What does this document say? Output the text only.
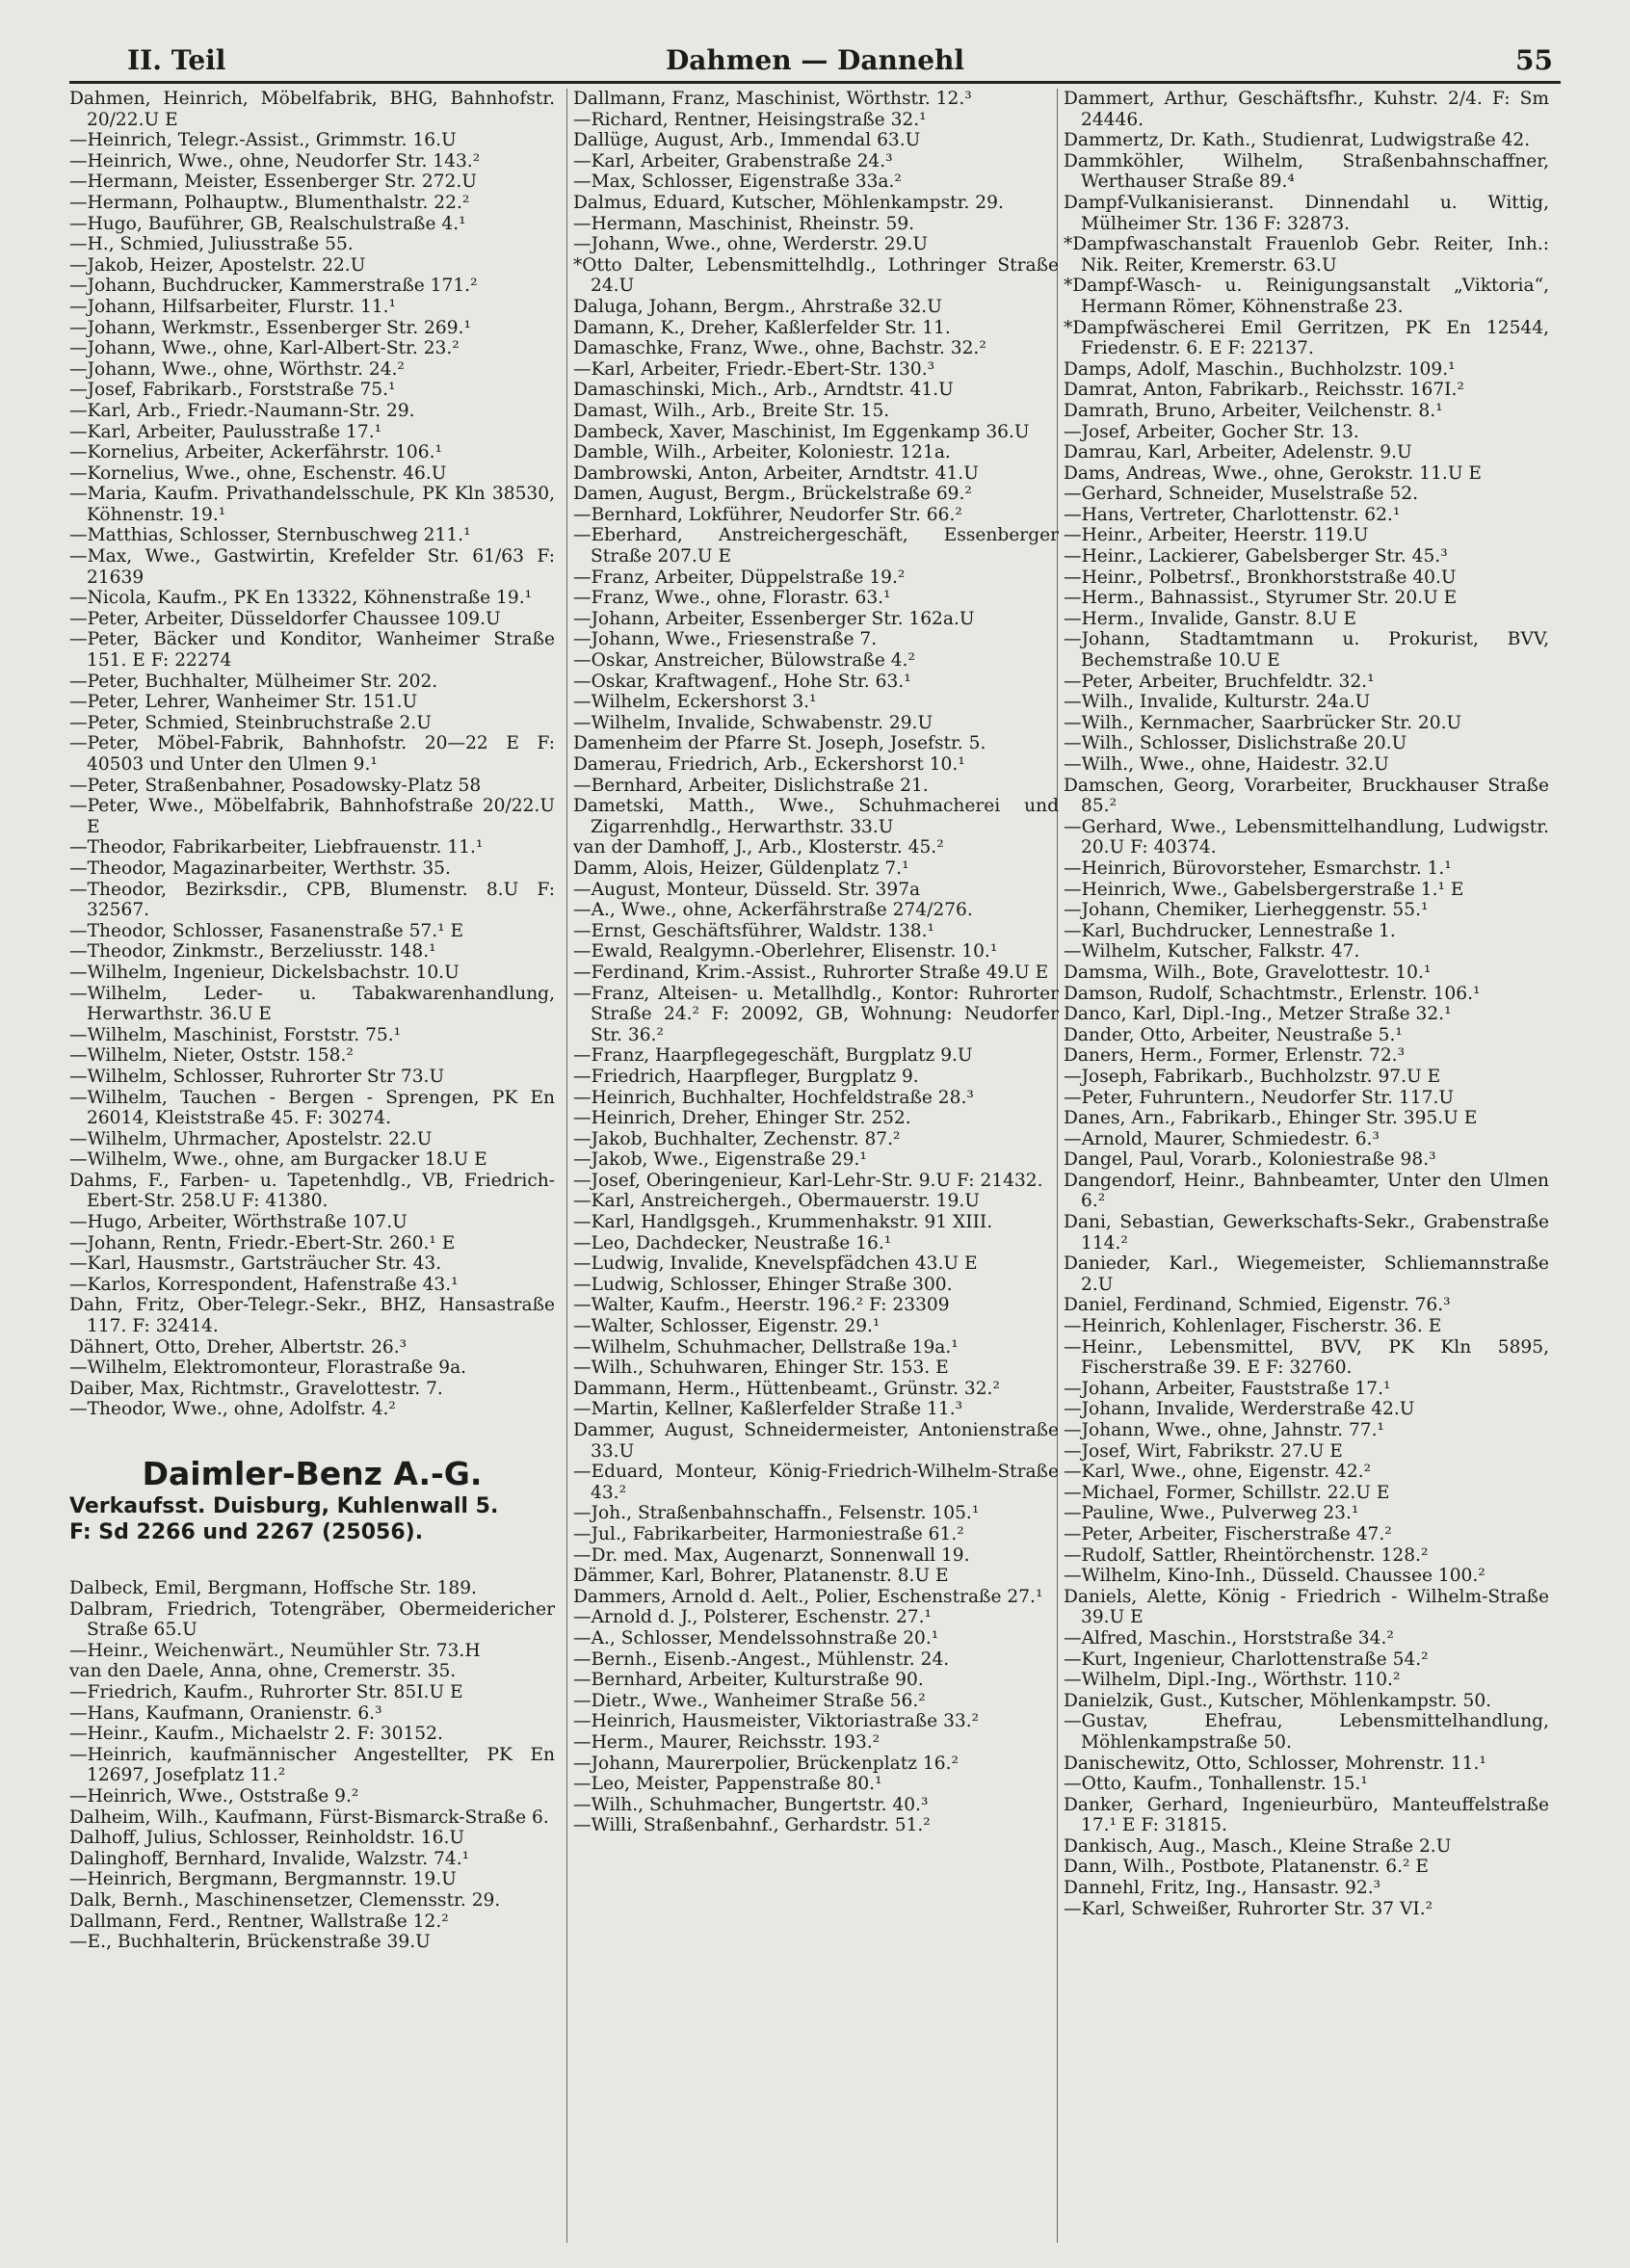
II. Teil	Dahmen — Dannehl	55
Dahmen, Heinrich, Möbelfabrik, BHG, Bahnhofstr. 20/22.U E
—Heinrich, Telegr.-Assist., Grimmstr. 16.U
—Heinrich, Wwe., ohne, Neudorfer Str. 143.²
—Hermann, Meister, Essenberger Str. 272.U
—Hermann, Polhauptw., Blumenthalstr. 22.²
—Hugo, Bauführer, GB, Realschulstraße 4.¹
—H., Schmied, Juliusstraße 55.
—Jakob, Heizer, Apostelstr. 22.U
—Johann, Buchdrucker, Kammerstraße 171.²
—Johann, Hilfsarbeiter, Flurstr. 11.¹
—Johann, Werkmstr., Essenberger Str. 269.¹
—Johann, Wwe., ohne, Karl-Albert-Str. 23.²
—Johann, Wwe., ohne, Wörthstr. 24.²
—Josef, Fabrikarb., Forststraße 75.¹
—Karl, Arb., Friedr.-Naumann-Str. 29.
—Karl, Arbeiter, Paulusstraße 17.¹
—Kornelius, Arbeiter, Ackerfährstr. 106.¹
—Kornelius, Wwe., ohne, Eschenstr. 46.U
—Maria, Kaufm. Privathandelsschule, PK Kln 38530, Köhnenstr. 19.¹
—Matthias, Schlosser, Sternbuschweg 211.¹
—Max, Wwe., Gastwirtin, Krefelder Str. 61/63 F: 21639
—Nicola, Kaufm., PK En 13322, Köhnenstraße 19.¹
—Peter, Arbeiter, Düsseldorfer Chaussee 109.U
—Peter, Bäcker und Konditor, Wanheimer Straße 151. E F: 22274
—Peter, Buchhalter, Mülheimer Str. 202.
—Peter, Lehrer, Wanheimer Str. 151.U
—Peter, Schmied, Steinbruchstraße 2.U
—Peter, Möbel-Fabrik, Bahnhofstr. 20—22 E F: 40503 und Unter den Ulmen 9.¹
—Peter, Straßenbahner, Posadowsky-Platz 58
—Peter, Wwe., Möbelfabrik, Bahnhofstraße 20/22.U E
—Theodor, Fabrikarbeiter, Liebfrauenstr. 11.¹
—Theodor, Magazinarbeiter, Werthstr. 35.
—Theodor, Bezirksdir., CPB, Blumenstr. 8.U F: 32567.
—Theodor, Schlosser, Fasanenstraße 57.¹ E
—Theodor, Zinkmstr., Berzeliusstr. 148.¹
—Wilhelm, Ingenieur, Dickelsbachstr. 10.U
—Wilhelm, Leder- u. Tabakwarenhandlung, Herwarthstr. 36.U E
—Wilhelm, Maschinist, Forststr. 75.¹
—Wilhelm, Nieter, Oststr. 158.²
—Wilhelm, Schlosser, Ruhrorter Str 73.U
—Wilhelm, Tauchen - Bergen - Sprengen, PK En 26014, Kleiststraße 45. F: 30274.
—Wilhelm, Uhrmacher, Apostelstr. 22.U
—Wilhelm, Wwe., ohne, am Burgacker 18.U E
Dahms, F., Farben- u. Tapetenhdlg., VB, Friedrich-Ebert-Str. 258.U F: 41380.
—Hugo, Arbeiter, Wörthstraße 107.U
—Johann, Rentn, Friedr.-Ebert-Str. 260.¹ E
—Karl, Hausmstr., Gartsträucher Str. 43.
—Karlos, Korrespondent, Hafenstraße 43.¹
Dahn, Fritz, Ober-Telegr.-Sekr., BHZ, Hansastraße 117. F: 32414.
Dähnert, Otto, Dreher, Albertstr. 26.³
—Wilhelm, Elektromonteur, Florastraße 9a.
Daiber, Max, Richtmstr., Gravelottestr. 7.
—Theodor, Wwe., ohne, Adolfstr. 4.²
Daimler-Benz A.-G.
Verkaufsst. Duisburg, Kuhlenwall 5.
F: Sd 2266 und 2267 (25056).
Dalbeck, Emil, Bergmann, Hoffsche Str. 189.
Dalbram, Friedrich, Totengräber, Obermeidericher Straße 65.U
—Heinr., Weichenwärt., Neumühler Str. 73.H
van den Daele, Anna, ohne, Cremerstr. 35.
—Friedrich, Kaufm., Ruhrorter Str. 85I.U E
—Hans, Kaufmann, Oranienstr. 6.³
—Heinr., Kaufm., Michaelstr 2. F: 30152.
—Heinrich, kaufmännischer Angestellter, PK En 12697, Josefplatz 11.²
—Heinrich, Wwe., Oststraße 9.²
Dalheim, Wilh., Kaufmann, Fürst-Bismarck-Straße 6.
Dalhoff, Julius, Schlosser, Reinholdstr. 16.U
Dalinghoff, Bernhard, Invalide, Walzstr. 74.¹
—Heinrich, Bergmann, Bergmannstr. 19.U
Dalk, Bernh., Maschinensetzer, Clemensstr. 29.
Dallmann, Ferd., Rentner, Wallstraße 12.²
—E., Buchhalterin, Brückenstraße 39.U
Dallmann, Franz, Maschinist, Wörthstr. 12.³
—Richard, Rentner, Heisingstraße 32.¹
Dallüge, August, Arb., Immendal 63.U
—Karl, Arbeiter, Grabenstraße 24.³
—Max, Schlosser, Eigenstraße 33a.²
Dalmus, Eduard, Kutscher, Möhlenkampstr. 29.
—Hermann, Maschinist, Rheinstr. 59.
—Johann, Wwe., ohne, Werderstr. 29.U
*Otto Dalter, Lebensmittelhdlg., Lothringer Straße 24.U
Daluga, Johann, Bergm., Ahrstraße 32.U
Damann, K., Dreher, Kaßlerfelder Str. 11.
Damaschke, Franz, Wwe., ohne, Bachstr. 32.²
—Karl, Arbeiter, Friedr.-Ebert-Str. 130.³
Damaschinski, Mich., Arb., Arndtstr. 41.U
Damast, Wilh., Arb., Breite Str. 15.
Dambeck, Xaver, Maschinist, Im Eggenkamp 36.U
Damble, Wilh., Arbeiter, Koloniestr. 121a.
Dambrowski, Anton, Arbeiter, Arndtstr. 41.U
Damen, August, Bergm., Brückelstraße 69.²
—Bernhard, Lokführer, Neudorfer Str. 66.²
—Eberhard, Anstreichergeschäft, Essenberger Straße 207.U E
—Franz, Arbeiter, Düppelstraße 19.²
—Franz, Wwe., ohne, Florastr. 63.¹
—Johann, Arbeiter, Essenberger Str. 162a.U
—Johann, Wwe., Friesenstraße 7.
—Oskar, Anstreicher, Bülowstraße 4.²
—Oskar, Kraftwagenf., Hohe Str. 63.¹
—Wilhelm, Eckershorst 3.¹
—Wilhelm, Invalide, Schwabenstr. 29.U
Damenheim der Pfarre St. Joseph, Josefstr. 5.
Damerau, Friedrich, Arb., Eckershorst 10.¹
—Bernhard, Arbeiter, Dislichstraße 21.
Dametski, Matth., Wwe., Schuhmacherei und Zigarrenhdlg., Herwarthstr. 33.U
van der Damhoff, J., Arb., Klosterstr. 45.²
Damm, Alois, Heizer, Güldenplatz 7.¹
—August, Monteur, Düsseld. Str. 397a
—A., Wwe., ohne, Ackerfährstraße 274/276.
—Ernst, Geschäftsführer, Waldstr. 138.¹
—Ewald, Realgymn.-Oberlehrer, Elisenstr. 10.¹
—Ferdinand, Krim.-Assist., Ruhrorter Straße 49.U E
—Franz, Alteisen- u. Metallhdlg., Kontor: Ruhrorter Straße 24.² F: 20092, GB, Wohnung: Neudorfer Str. 36.²
—Franz, Haarpflegegeschäft, Burgplatz 9.U
—Friedrich, Haarpfleger, Burgplatz 9.
—Heinrich, Buchhalter, Hochfeldstraße 28.³
—Heinrich, Dreher, Ehinger Str. 252.
—Jakob, Buchhalter, Zechenstr. 87.²
—Jakob, Wwe., Eigenstraße 29.¹
—Josef, Oberingenieur, Karl-Lehr-Str. 9.U F: 21432.
—Karl, Anstreichergeh., Obermauerstr. 19.U
—Karl, Handlgsgeh., Krummenhakstr. 91 XIII.
—Leo, Dachdecker, Neustraße 16.¹
—Ludwig, Invalide, Knevelspfädchen 43.U E
—Ludwig, Schlosser, Ehinger Straße 300.
—Walter, Kaufm., Heerstr. 196.² F: 23309
—Walter, Schlosser, Eigenstr. 29.¹
—Wilhelm, Schuhmacher, Dellstraße 19a.¹
—Wilh., Schuhwaren, Ehinger Str. 153. E
Dammann, Herm., Hüttenbeamt., Grünstr. 32.²
—Martin, Kellner, Kaßlerfelder Straße 11.³
Dammer, August, Schneidermeister, Antonienstraße 33.U
—Eduard, Monteur, König-Friedrich-Wilhelm-Straße 43.²
—Joh., Straßenbahnschaffn., Felsenstr. 105.¹
—Jul., Fabrikarbeiter, Harmoniestraße 61.²
—Dr. med. Max, Augenarzt, Sonnenwall 19.
Dämmer, Karl, Bohrer, Platanenstr. 8.U E
Dammers, Arnold d. Aelt., Polier, Eschenstraße 27.¹
—Arnold d. J., Polsterer, Eschenstr. 27.¹
—A., Schlosser, Mendelssohnstraße 20.¹
—Bernh., Eisenb.-Angest., Mühlenstr. 24.
—Bernhard, Arbeiter, Kulturstraße 90.
—Dietr., Wwe., Wanheimer Straße 56.²
—Heinrich, Hausmeister, Viktoriastraße 33.²
—Herm., Maurer, Reichsstr. 193.²
—Johann, Maurerpolier, Brückenplatz 16.²
—Leo, Meister, Pappenstraße 80.¹
—Wilh., Schuhmacher, Bungertstr. 40.³
—Willi, Straßenbahnf., Gerhardstr. 51.²
Dammert, Arthur, Geschäftsfhr., Kuhstr. 2/4. F: Sm 24446.
Dammertz, Dr. Kath., Studienrat, Ludwigstraße 42.
Dammköhler, Wilhelm, Straßenbahnschaffner, Werthauser Straße 89.⁴
Dampf-Vulkanisieranst. Dinnendahl u. Wittig, Mülheimer Str. 136 F: 32873.
*Dampfwaschanstalt Frauenlob Gebr. Reiter, Inh.: Nik. Reiter, Kremerstr. 63.U
*Dampf-Wasch- u. Reinigungsanstalt „Viktoria“, Hermann Römer, Köhnenstraße 23.
*Dampfwäscherei Emil Gerritzen, PK En 12544, Friedenstr. 6. E F: 22137.
Damps, Adolf, Maschin., Buchholzstr. 109.¹
Damrat, Anton, Fabrikarb., Reichsstr. 167I.²
Damrath, Bruno, Arbeiter, Veilchenstr. 8.¹
—Josef, Arbeiter, Gocher Str. 13.
Damrau, Karl, Arbeiter, Adelenstr. 9.U
Dams, Andreas, Wwe., ohne, Gerokstr. 11.U E
—Gerhard, Schneider, Muselstraße 52.
—Hans, Vertreter, Charlottenstr. 62.¹
—Heinr., Arbeiter, Heerstr. 119.U
—Heinr., Lackierer, Gabelsberger Str. 45.³
—Heinr., Polbetrsf., Bronkhorststraße 40.U
—Herm., Bahnassist., Styrumer Str. 20.U E
—Herm., Invalide, Ganstr. 8.U E
—Johann, Stadtamtmann u. Prokurist, BVV, Bechemstraße 10.U E
—Peter, Arbeiter, Bruchfeldtr. 32.¹
—Wilh., Invalide, Kulturstr. 24a.U
—Wilh., Kernmacher, Saarbrücker Str. 20.U
—Wilh., Schlosser, Dislichstraße 20.U
—Wilh., Wwe., ohne, Haidestr. 32.U
Damschen, Georg, Vorarbeiter, Bruckhauser Straße 85.²
—Gerhard, Wwe., Lebensmittelhandlung, Ludwigstr. 20.U F: 40374.
—Heinrich, Bürovorsteher, Esmarchstr. 1.¹
—Heinrich, Wwe., Gabelsbergerstraße 1.¹ E
—Johann, Chemiker, Lierheggenstr. 55.¹
—Karl, Buchdrucker, Lennestraße 1.
—Wilhelm, Kutscher, Falkstr. 47.
Damsma, Wilh., Bote, Gravelottestr. 10.¹
Damson, Rudolf, Schachtmstr., Erlenstr. 106.¹
Danco, Karl, Dipl.-Ing., Metzer Straße 32.¹
Dander, Otto, Arbeiter, Neustraße 5.¹
Daners, Herm., Former, Erlenstr. 72.³
—Joseph, Fabrikarb., Buchholzstr. 97.U E
—Peter, Fuhruntern., Neudorfer Str. 117.U
Danes, Arn., Fabrikarb., Ehinger Str. 395.U E
—Arnold, Maurer, Schmiedestr. 6.³
Dangel, Paul, Vorarb., Koloniestraße 98.³
Dangendorf, Heinr., Bahnbeamter, Unter den Ulmen 6.²
Dani, Sebastian, Gewerkschafts-Sekr., Grabenstraße 114.²
Danieder, Karl., Wiegemeister, Schliemannstraße 2.U
Daniel, Ferdinand, Schmied, Eigenstr. 76.³
—Heinrich, Kohlenlager, Fischerstr. 36. E
—Heinr., Lebensmittel, BVV, PK Kln 5895, Fischerstraße 39. E F: 32760.
—Johann, Arbeiter, Fauststraße 17.¹
—Johann, Invalide, Werderstraße 42.U
—Johann, Wwe., ohne, Jahnstr. 77.¹
—Josef, Wirt, Fabrikstr. 27.U E
—Karl, Wwe., ohne, Eigenstr. 42.²
—Michael, Former, Schillstr. 22.U E
—Pauline, Wwe., Pulverweg 23.¹
—Peter, Arbeiter, Fischerstraße 47.²
—Rudolf, Sattler, Rheintörchenstr. 128.²
—Wilhelm, Kino-Inh., Düsseld. Chaussee 100.²
Daniels, Alette, König - Friedrich - Wilhelm-Straße 39.U E
—Alfred, Maschin., Horststraße 34.²
—Kurt, Ingenieur, Charlottenstraße 54.²
—Wilhelm, Dipl.-Ing., Wörthstr. 110.²
Danielzik, Gust., Kutscher, Möhlenkampstr. 50.
—Gustav, Ehefrau, Lebensmittelhandlung, Möhlenkampstraße 50.
Danischewitz, Otto, Schlosser, Mohrenstr. 11.¹
—Otto, Kaufm., Tonhallenstr. 15.¹
Danker, Gerhard, Ingenieurbüro, Manteuffelstraße 17.¹ E F: 31815.
Dankisch, Aug., Masch., Kleine Straße 2.U
Dann, Wilh., Postbote, Platanenstr. 6.² E
Dannehl, Fritz, Ing., Hansastr. 92.³
—Karl, Schweißer, Ruhrorter Str. 37 VI.²
